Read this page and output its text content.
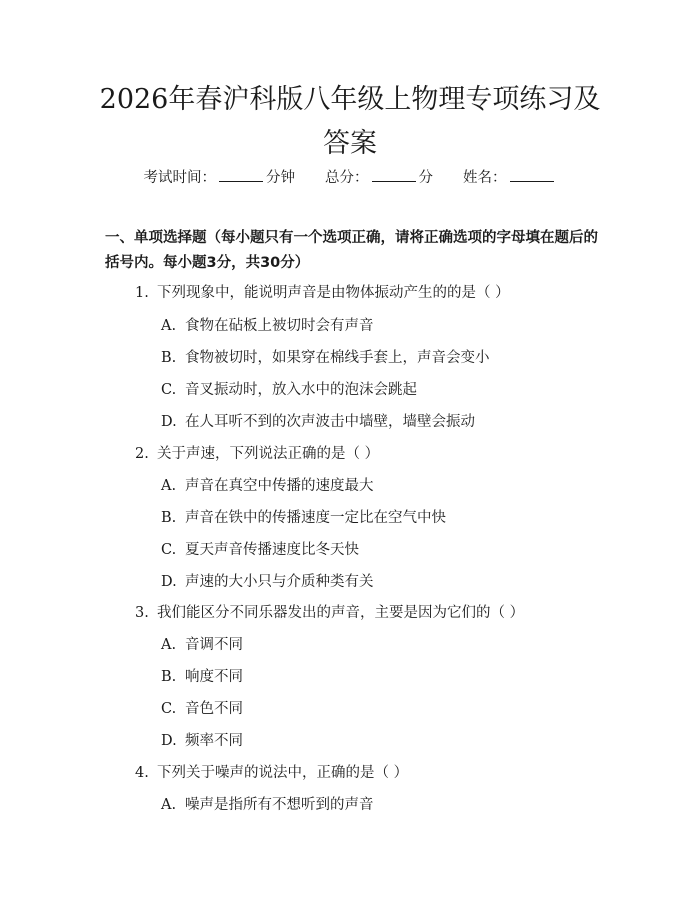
2026年春沪科版八年级上物理专项练习及答案
考试时间：	分钟 总分：	分 姓名：
一、单项选择题（每小题只有一个选项正确，请将正确选项的字母填在题后的括号内。每小题3分，共30分）
1. 下列现象中，能说明声音是由物体振动产生的的是（ ）
A. 食物在砧板上被切时会有声音
B. 食物被切时，如果穿在棉线手套上，声音会变小
C. 音叉振动时，放入水中的泡沫会跳起
D. 在人耳听不到的次声波击中墙壁，墙壁会振动
2. 关于声速，下列说法正确的是（ ）
A. 声音在真空中传播的速度最大
B. 声音在铁中的传播速度一定比在空气中快
C. 夏天声音传播速度比冬天快
D. 声速的大小只与介质种类有关
3. 我们能区分不同乐器发出的声音，主要是因为它们的（ ）
A. 音调不同
B. 响度不同
C. 音色不同
D. 频率不同
4. 下列关于噪声的说法中，正确的是（ ）
A. 噪声是指所有不想听到的声音
